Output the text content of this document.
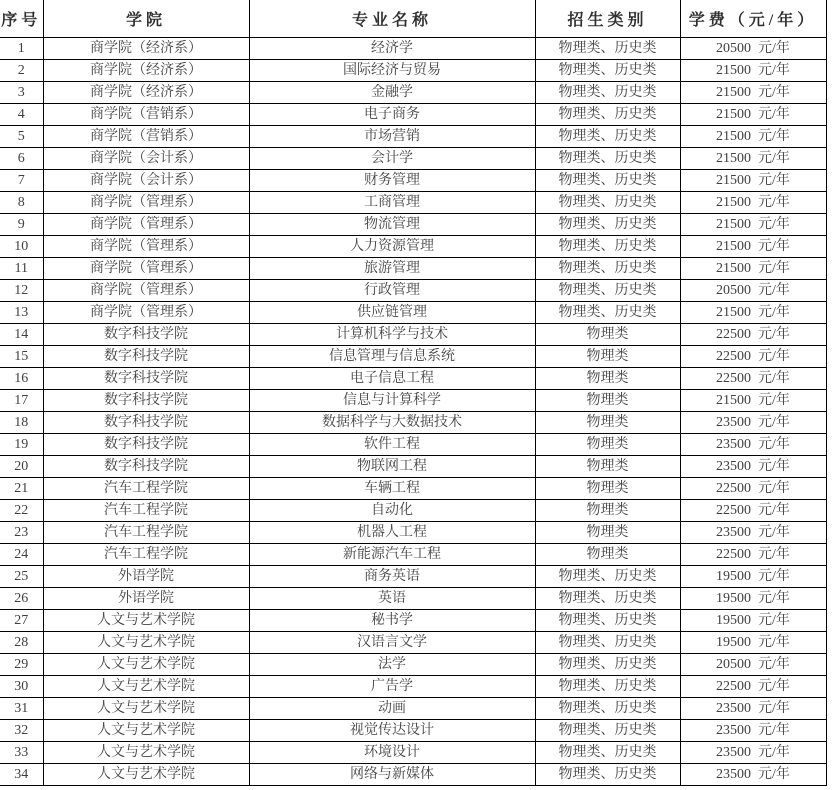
序号	学院	专业名称	招生类别	学费（元/年）
1	商学院（经济系）	经济学	物理类、历史类	20500 元/年
2	商学院（经济系）	国际经济与贸易	物理类、历史类	21500 元/年
3	商学院（经济系）	金融学	物理类、历史类	21500 元/年
4	商学院（营销系）	电子商务	物理类、历史类	21500 元/年
5	商学院（营销系）	市场营销	物理类、历史类	21500 元/年
6	商学院（会计系）	会计学	物理类、历史类	21500 元/年
7	商学院（会计系）	财务管理	物理类、历史类	21500 元/年
8	商学院（管理系）	工商管理	物理类、历史类	21500 元/年
9	商学院（管理系）	物流管理	物理类、历史类	21500 元/年
10	商学院（管理系）	人力资源管理	物理类、历史类	21500 元/年
11	商学院（管理系）	旅游管理	物理类、历史类	21500 元/年
12	商学院（管理系）	行政管理	物理类、历史类	20500 元/年
13	商学院（管理系）	供应链管理	物理类、历史类	21500 元/年
14	数字科技学院	计算机科学与技术	物理类	22500 元/年
15	数字科技学院	信息管理与信息系统	物理类	22500 元/年
16	数字科技学院	电子信息工程	物理类	22500 元/年
17	数字科技学院	信息与计算科学	物理类	21500 元/年
18	数字科技学院	数据科学与大数据技术	物理类	23500 元/年
19	数字科技学院	软件工程	物理类	23500 元/年
20	数字科技学院	物联网工程	物理类	23500 元/年
21	汽车工程学院	车辆工程	物理类	22500 元/年
22	汽车工程学院	自动化	物理类	22500 元/年
23	汽车工程学院	机器人工程	物理类	23500 元/年
24	汽车工程学院	新能源汽车工程	物理类	22500 元/年
25	外语学院	商务英语	物理类、历史类	19500 元/年
26	外语学院	英语	物理类、历史类	19500 元/年
27	人文与艺术学院	秘书学	物理类、历史类	19500 元/年
28	人文与艺术学院	汉语言文学	物理类、历史类	19500 元/年
29	人文与艺术学院	法学	物理类、历史类	20500 元/年
30	人文与艺术学院	广告学	物理类、历史类	22500 元/年
31	人文与艺术学院	动画	物理类、历史类	23500 元/年
32	人文与艺术学院	视觉传达设计	物理类、历史类	23500 元/年
33	人文与艺术学院	环境设计	物理类、历史类	23500 元/年
34	人文与艺术学院	网络与新媒体	物理类、历史类	23500 元/年
